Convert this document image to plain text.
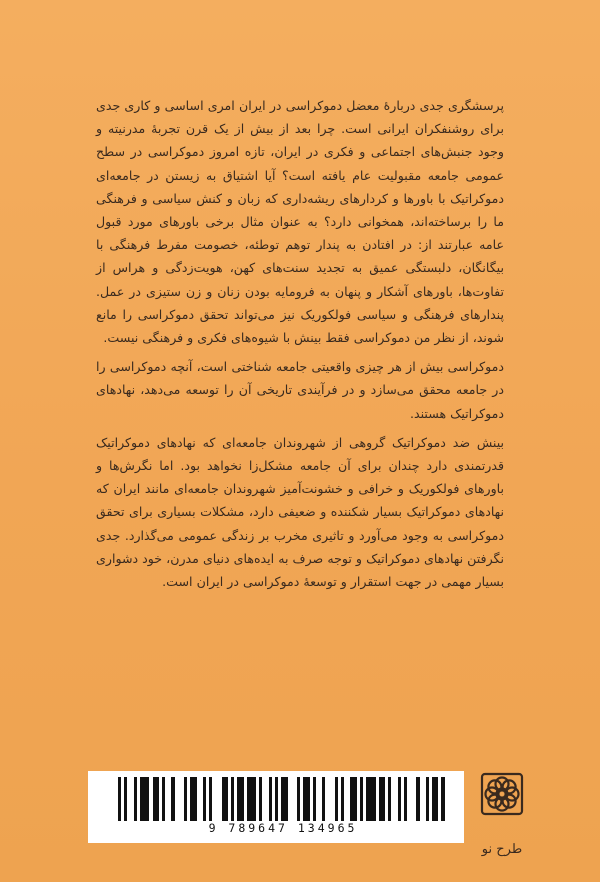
پرسشگری جدی دربارهٔ معضل دموکراسی در ایران امری اساسی و کاری جدی برای روشنفکران ایرانی است. چرا بعد از بیش از یک قرن تجربهٔ مدرنیته و وجود جنبش‌های اجتماعی و فکری در ایران، تازه امروز دموکراسی در سطح عمومی جامعه مقبولیت عام یافته است؟ آیا اشتیاق به زیستن در جامعه‌ای دموکراتیک با باورها و کردارهای ریشه‌داری که زبان و کنش سیاسی و فرهنگی ما را برساخته‌اند، همخوانی دارد؟ به عنوان مثال برخی باورهای مورد قبول عامه عبارتند از: در افتادن به پندار توهم توطئه، خصومت مفرط فرهنگی با بیگانگان، دلبستگی عمیق به تجدید سنت‌های کهن، هویت‌زدگی و هراس از تفاوت‌ها، باورهای آشکار و پنهان به فرومایه بودن زنان و زن ستیزی در عمل. پندارهای فرهنگی و سیاسی فولکوریک نیز می‌تواند تحقق دموکراسی را مانع شوند، از نظر من دموکراسی فقط بینش با شیوه‌های فکری و فرهنگی نیست.

دموکراسی بیش از هر چیزی واقعیتی جامعه شناختی است، آنچه دموکراسی را در جامعه محقق می‌سازد و در فرآیندی تاریخی آن را توسعه می‌دهد، نهادهای دموکراتیک هستند.

بینش ضد دموکراتیک گروهی از شهروندان جامعه‌ای که نهادهای دموکراتیک قدرتمندی دارد چندان برای آن جامعه مشکل‌زا نخواهد بود. اما نگرش‌ها و باورهای فولکوریک و خرافی و خشونت‌آمیز شهروندان جامعه‌ای مانند ایران که نهادهای دموکراتیک بسیار شکننده و ضعیفی دارد، مشکلات بسیاری برای تحقق دموکراسی به وجود می‌آورد و تاثیری مخرب بر زندگی عمومی می‌گذارد. جدی نگرفتن نهادهای دموکراتیک و توجه صرف به ایده‌های دنیای مدرن، خود دشواری بسیار مهمی در جهت استقرار و توسعهٔ دموکراسی در ایران است.

9 789647 134965
طرح نو
